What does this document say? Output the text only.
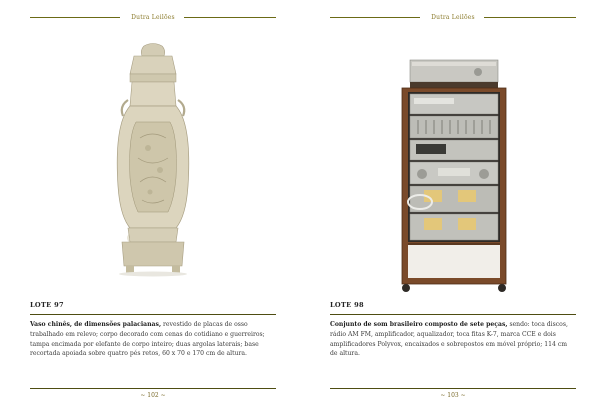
Dutra Leilões
LOTE 97

Vaso chinês, de dimensões palacianas, revestido de placas de osso trabalhado em relevo; corpo decorado com cenas do cotidiano e guerreiros; tampa encimada por elefante de corpo inteiro; duas argolas laterais; base recortada apoiada sobre quatro pés retos, 60 x 70 e 170 cm de altura.

~ 102 ~
Dutra Leilões
LOTE 98

Conjunto de som brasileiro composto de sete peças, sendo: toca discos, rádio AM FM, amplificador, aqualizador, toca fitas K-7, marca CCE e dois amplificadores Polyvox, encaixados e sobrepostos em móvel próprio; 114 cm de altura.

~ 103 ~
